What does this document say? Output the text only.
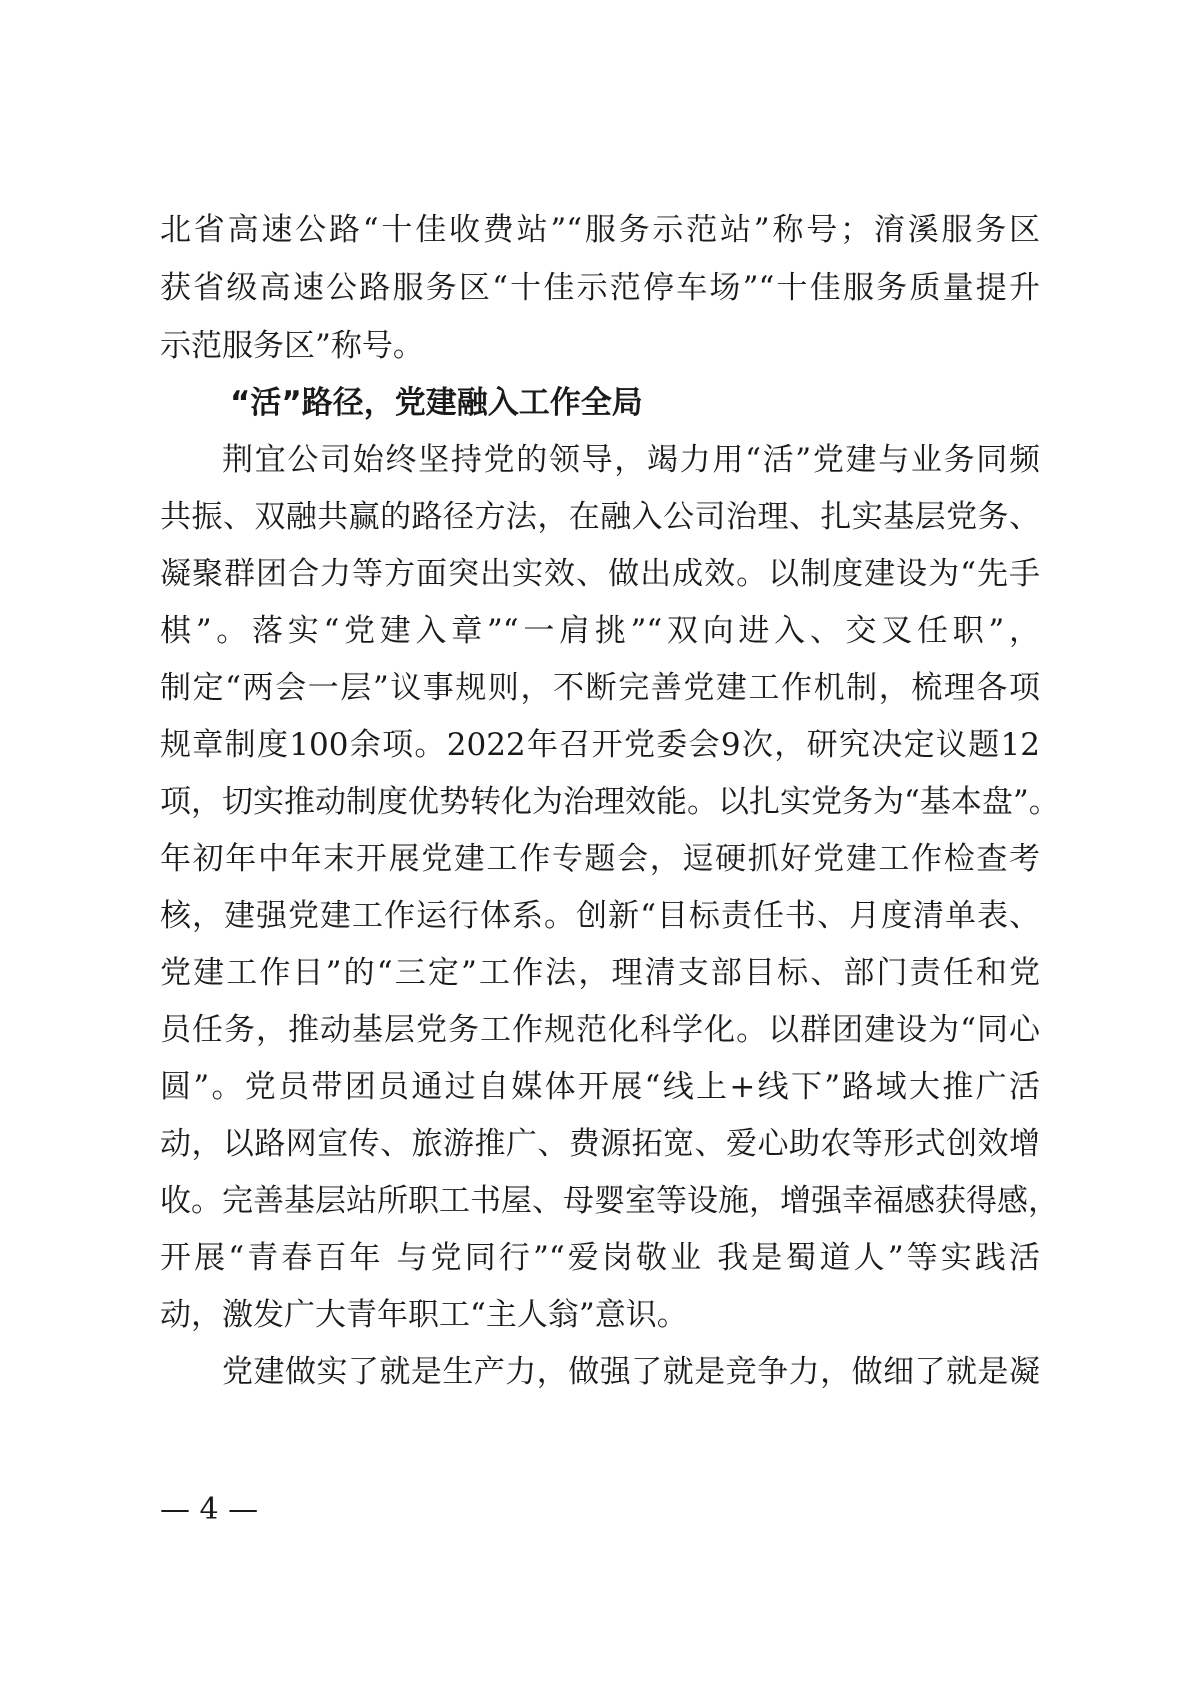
北省高速公路“十佳收费站”“服务示范站”称号；淯溪服务区
获省级高速公路服务区“十佳示范停车场”“十佳服务质量提升
示范服务区”称号。
“活”路径，党建融入工作全局
荆宜公司始终坚持党的领导，竭力用“活”党建与业务同频
共振、双融共赢的路径方法，在融入公司治理、扎实基层党务、
凝聚群团合力等方面突出实效、做出成效。以制度建设为“先手
棋”。落实“党建入章”“一肩挑”“双向进入、交叉任职”，
制定“两会一层”议事规则，不断完善党建工作机制，梳理各项
规章制度100余项。2022年召开党委会9次，研究决定议题12
项，切实推动制度优势转化为治理效能。以扎实党务为“基本盘”。
年初年中年末开展党建工作专题会，逗硬抓好党建工作检查考
核，建强党建工作运行体系。创新“目标责任书、月度清单表、
党建工作日”的“三定”工作法，理清支部目标、部门责任和党
员任务，推动基层党务工作规范化科学化。以群团建设为“同心
圆”。党员带团员通过自媒体开展“线上+线下”路域大推广活
动，以路网宣传、旅游推广、费源拓宽、爱心助农等形式创效增
收。完善基层站所职工书屋、母婴室等设施，增强幸福感获得感，
开展“青春百年 与党同行”“爱岗敬业 我是蜀道人”等实践活
动，激发广大青年职工“主人翁”意识。
党建做实了就是生产力，做强了就是竞争力，做细了就是凝
— 4 —
